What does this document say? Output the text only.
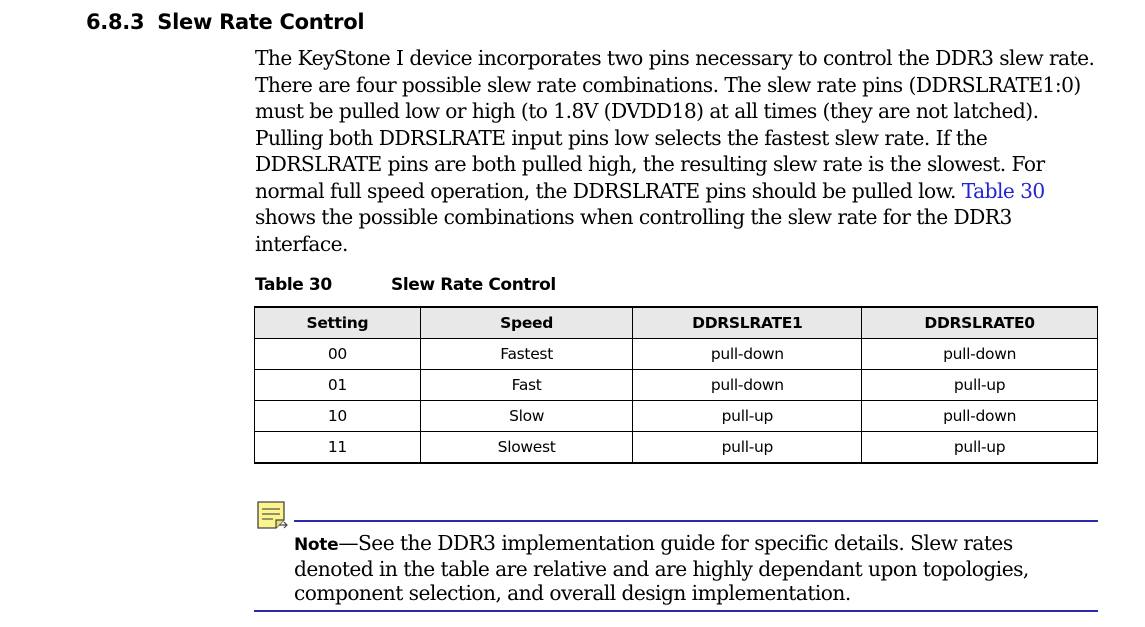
6.8.3 Slew Rate Control
The KeyStone I device incorporates two pins necessary to control the DDR3 slew rate.
There are four possible slew rate combinations. The slew rate pins (DDRSLRATE1:0)
must be pulled low or high (to 1.8V (DVDD18) at all times (they are not latched).
Pulling both DDRSLRATE input pins low selects the fastest slew rate. If the
DDRSLRATE pins are both pulled high, the resulting slew rate is the slowest. For
normal full speed operation, the DDRSLRATE pins should be pulled low. Table 30
shows the possible combinations when controlling the slew rate for the DDR3
interface.
Table 30	Slew Rate Control
Setting	Speed	DDRSLRATE1	DDRSLRATE0
00	Fastest	pull-down	pull-down
01	Fast	pull-down	pull-up
10	Slow	pull-up	pull-down
11	Slowest	pull-up	pull-up
Note—See the DDR3 implementation guide for specific details. Slew rates
denoted in the table are relative and are highly dependant upon topologies,
component selection, and overall design implementation.
